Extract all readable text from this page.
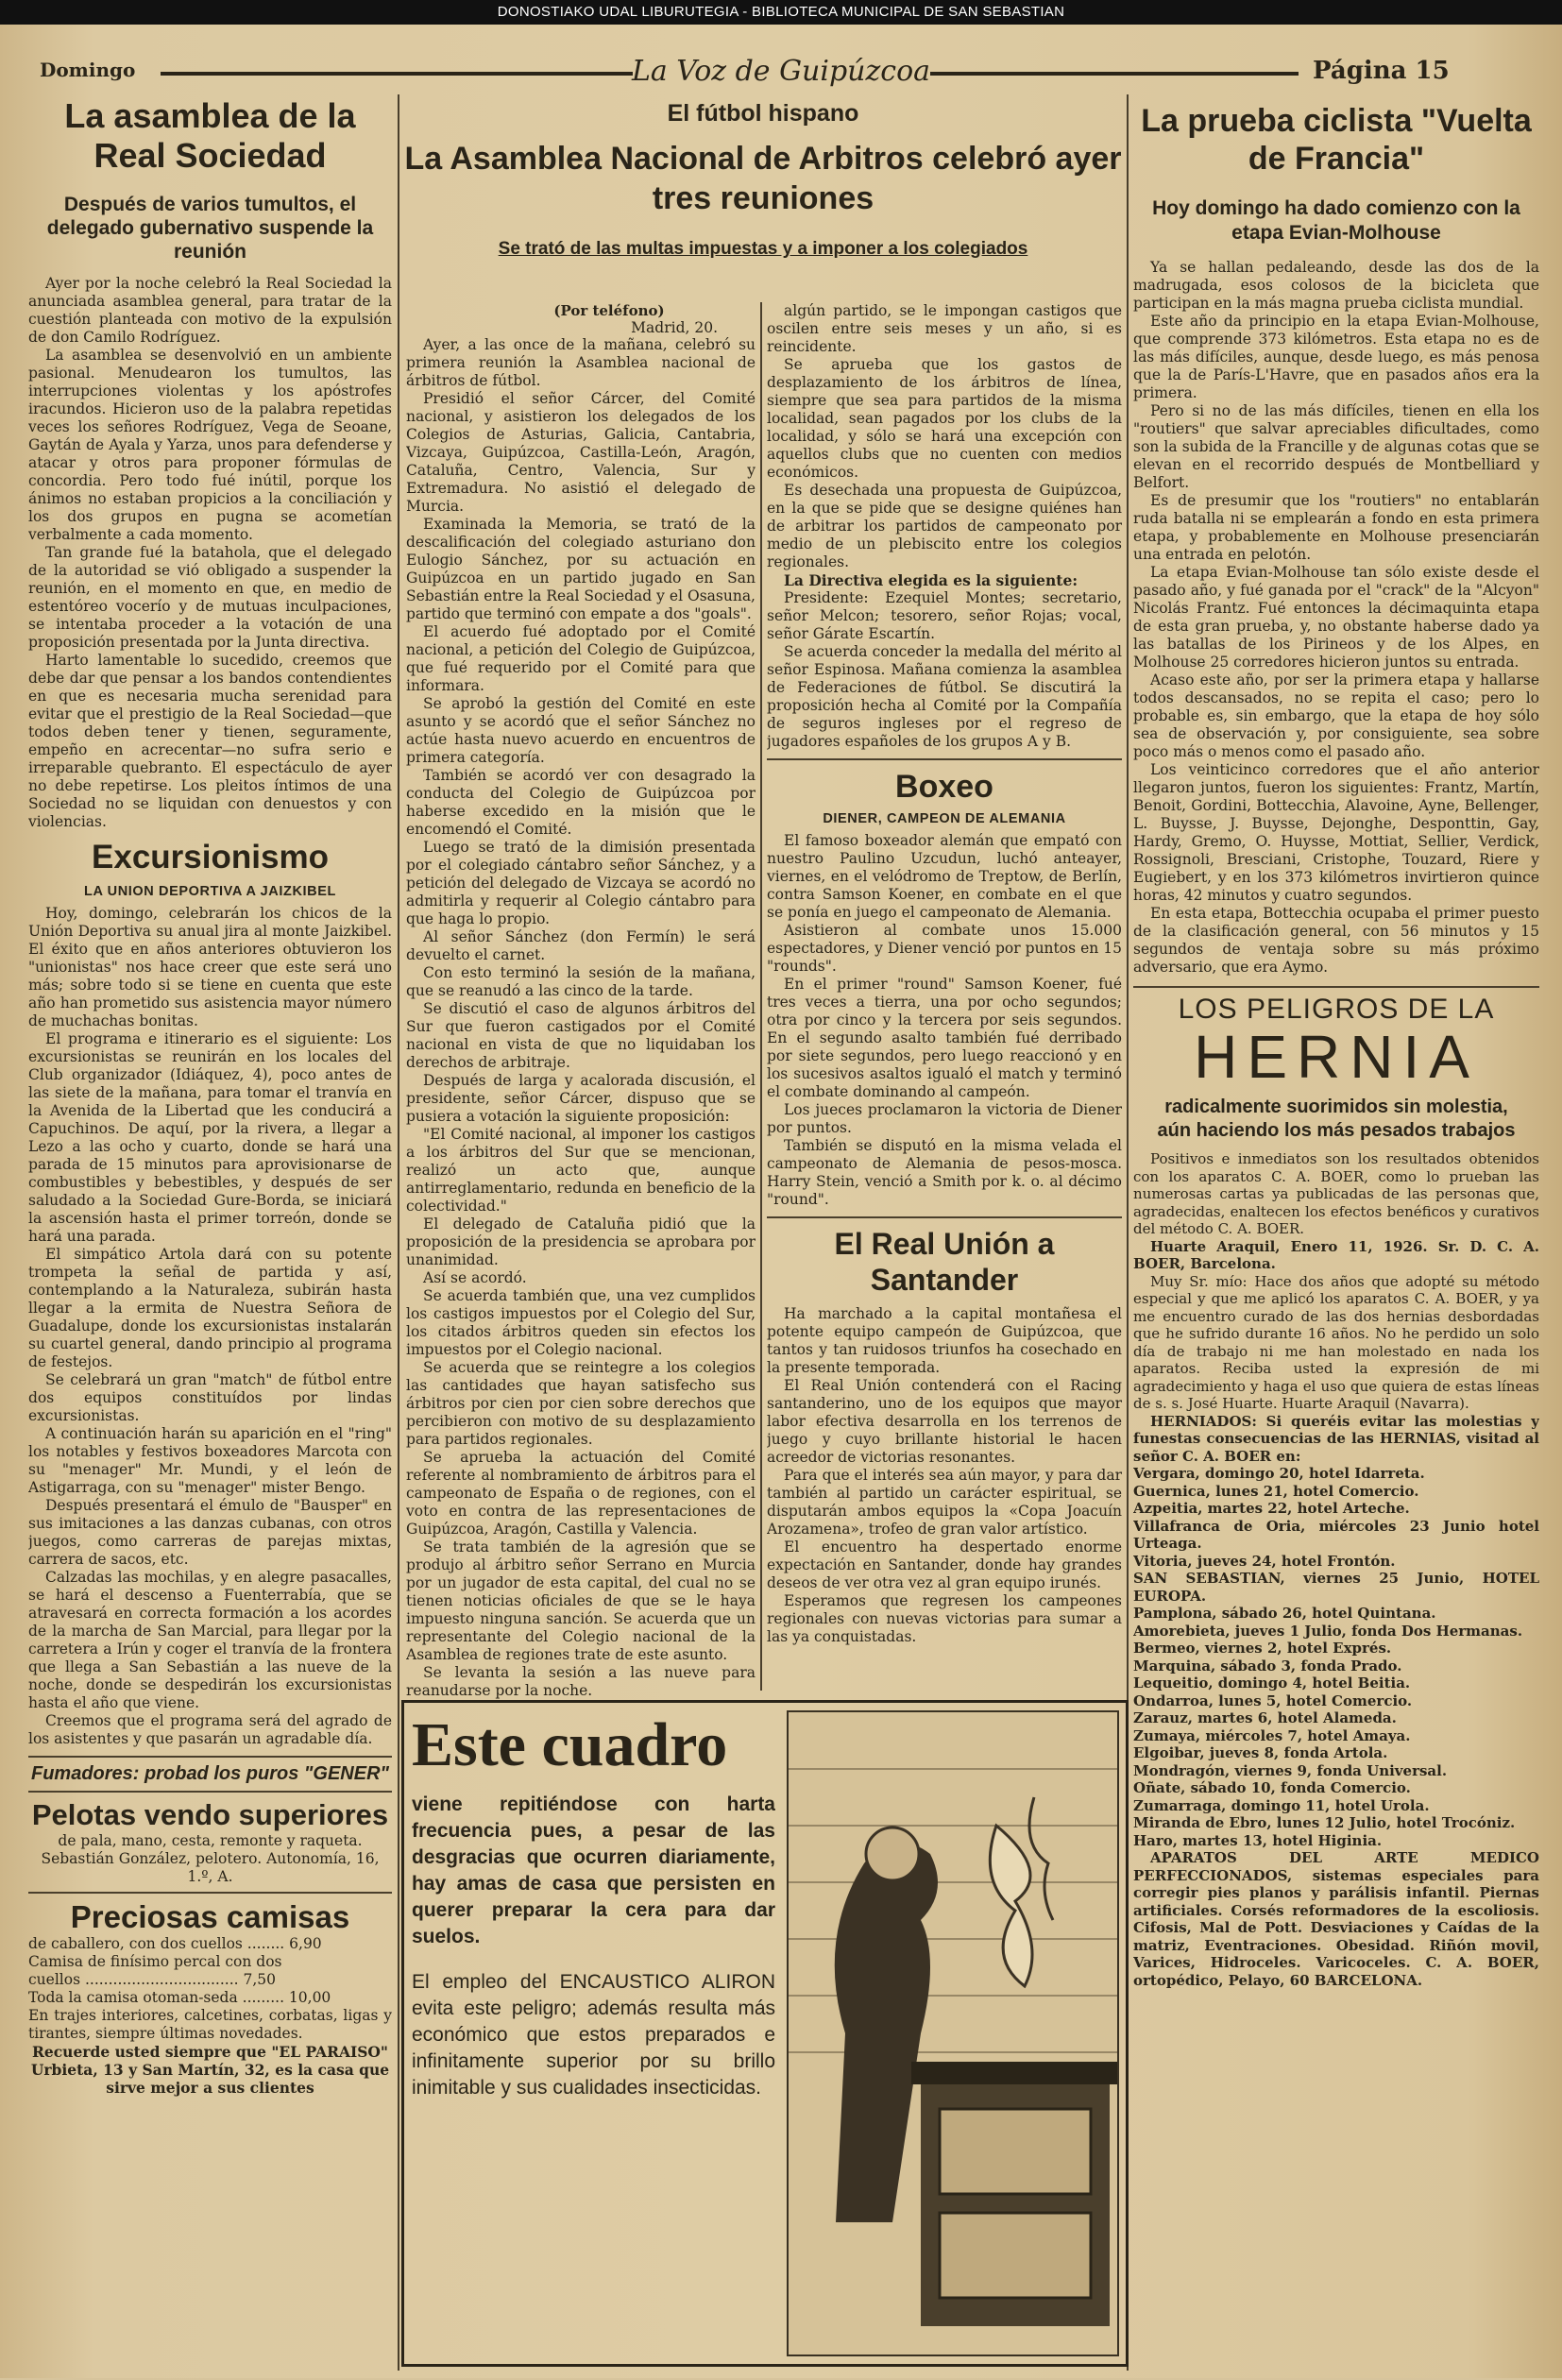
DONOSTIAKO UDAL LIBURUTEGIA - BIBLIOTECA MUNICIPAL DE SAN SEBASTIAN
Domingo	La Voz de Guipúzcoa	Página 15
La asamblea de la Real Sociedad
Después de varios tumultos, el delegado gubernativo suspende la reunión

Ayer por la noche celebró la Real Sociedad la anunciada asamblea general, para tratar de la cuestión planteada con motivo de la expulsión de don Camilo Rodríguez.

La asamblea se desenvolvió en un ambiente pasional. Menudearon los tumultos, las interrupciones violentas y los apóstrofes iracundos. Hicieron uso de la palabra repetidas veces los señores Rodríguez, Vega de Seoane, Gaytán de Ayala y Yarza, unos para defenderse y atacar y otros para proponer fórmulas de concordia. Pero todo fué inútil, porque los ánimos no estaban propicios a la conciliación y los dos grupos en pugna se acometían verbalmente a cada momento.

Tan grande fué la batahola, que el delegado de la autoridad se vió obligado a suspender la reunión, en el momento en que, en medio de estentóreo vocerío y de mutuas inculpaciones, se intentaba proceder a la votación de una proposición presentada por la Junta directiva.

Harto lamentable lo sucedido, creemos que debe dar que pensar a los bandos contendientes en que es necesaria mucha serenidad para evitar que el prestigio de la Real Sociedad—que todos deben tener y tienen, seguramente, empeño en acrecentar—no sufra serio e irreparable quebranto. El espectáculo de ayer no debe repetirse. Los pleitos íntimos de una Sociedad no se liquidan con denuestos y con violencias.

Excursionismo
LA UNION DEPORTIVA A JAIZKIBEL

Hoy, domingo, celebrarán los chicos de la Unión Deportiva su anual jira al monte Jaizkibel. El éxito que en años anteriores obtuvieron los "unionistas" nos hace creer que este será uno más; sobre todo si se tiene en cuenta que este año han prometido sus asistencia mayor número de muchachas bonitas.

El programa e itinerario es el siguiente: Los excursionistas se reunirán en los locales del Club organizador (Idiáquez, 4), poco antes de las siete de la mañana, para tomar el tranvía en la Avenida de la Libertad que les conducirá a Capuchinos. De aquí, por la rivera, a llegar a Lezo a las ocho y cuarto, donde se hará una parada de 15 minutos para aprovisionarse de combustibles y bebestibles, y después de ser saludado a la Sociedad Gure-Borda, se iniciará la ascensión hasta el primer torreón, donde se hará una parada.

El simpático Artola dará con su potente trompeta la señal de partida y así, contemplando a la Naturaleza, subirán hasta llegar a la ermita de Nuestra Señora de Guadalupe, donde los excursionistas instalarán su cuartel general, dando principio al programa de festejos.

Se celebrará un gran "match" de fútbol entre dos equipos constituídos por lindas excursionistas.

A continuación harán su aparición en el "ring" los notables y festivos boxeadores Marcota con su "menager" Mr. Mundi, y el león de Astigarraga, con su "menager" mister Bengo.

Después presentará el émulo de "Bausper" en sus imitaciones a las danzas cubanas, con otros juegos, como carreras de parejas mixtas, carrera de sacos, etc.

Calzadas las mochilas, y en alegre pasacalles, se hará el descenso a Fuenterrabía, que se atravesará en correcta formación a los acordes de la marcha de San Marcial, para llegar por la carretera a Irún y coger el tranvía de la frontera que llega a San Sebastián a las nueve de la noche, donde se despedirán los excursionistas hasta el año que viene.

Creemos que el programa será del agrado de los asistentes y que pasarán un agradable día.

Fumadores: probad los puros "GENER"
Pelotas vendo superiores
de pala, mano, cesta, remonte y raqueta. Sebastián González, pelotero. Autonomía, 16, 1.º, A.
Preciosas camisas
de caballero, con dos cuellos ........ 6,90
Camisa de finísimo percal con dos
cuellos ................................. 7,50
Toda la camisa otoman-seda ......... 10,00
En trajes interiores, calcetines, corbatas, ligas y tirantes, siempre últimas novedades.
Recuerde usted siempre que "EL PARAISO" Urbieta, 13 y San Martín, 32, es la casa que sirve mejor a sus clientes
El fútbol hispano
La Asamblea Nacional de Arbitros celebró ayer tres reuniones
Se trató de las multas impuestas y a imponer a los colegiados
(Por teléfono)
Madrid, 20.

Ayer, a las once de la mañana, celebró su primera reunión la Asamblea nacional de árbitros de fútbol.

Presidió el señor Cárcer, del Comité nacional, y asistieron los delegados de los Colegios de Asturias, Galicia, Cantabria, Vizcaya, Guipúzcoa, Castilla-León, Aragón, Cataluña, Centro, Valencia, Sur y Extremadura. No asistió el delegado de Murcia.

Examinada la Memoria, se trató de la descalificación del colegiado asturiano don Eulogio Sánchez, por su actuación en Guipúzcoa en un partido jugado en San Sebastián entre la Real Sociedad y el Osasuna, partido que terminó con empate a dos "goals".

El acuerdo fué adoptado por el Comité nacional, a petición del Colegio de Guipúzcoa, que fué requerido por el Comité para que informara.

Se aprobó la gestión del Comité en este asunto y se acordó que el señor Sánchez no actúe hasta nuevo acuerdo en encuentros de primera categoría.

También se acordó ver con desagrado la conducta del Colegio de Guipúzcoa por haberse excedido en la misión que le encomendó el Comité.

Luego se trató de la dimisión presentada por el colegiado cántabro señor Sánchez, y a petición del delegado de Vizcaya se acordó no admitirla y requerir al Colegio cántabro para que haga lo propio.

Al señor Sánchez (don Fermín) le será devuelto el carnet.

Con esto terminó la sesión de la mañana, que se reanudó a las cinco de la tarde.

Se discutió el caso de algunos árbitros del Sur que fueron castigados por el Comité nacional en vista de que no liquidaban los derechos de arbitraje.

Después de larga y acalorada discusión, el presidente, señor Cárcer, dispuso que se pusiera a votación la siguiente proposición:

"El Comité nacional, al imponer los castigos a los árbitros del Sur que se mencionan, realizó un acto que, aunque antirreglamentario, redunda en beneficio de la colectividad."

El delegado de Cataluña pidió que la proposición de la presidencia se aprobara por unanimidad.

Así se acordó.

Se acuerda también que, una vez cumplidos los castigos impuestos por el Colegio del Sur, los citados árbitros queden sin efectos los impuestos por el Colegio nacional.

Se acuerda que se reintegre a los colegios las cantidades que hayan satisfecho sus árbitros por cien por cien sobre derechos que percibieron con motivo de su desplazamiento para partidos regionales.

Se aprueba la actuación del Comité referente al nombramiento de árbitros para el campeonato de España o de regiones, con el voto en contra de las representaciones de Guipúzcoa, Aragón, Castilla y Valencia.

Se trata también de la agresión que se produjo al árbitro señor Serrano en Murcia por un jugador de esta capital, del cual no se tienen noticias oficiales de que se le haya impuesto ninguna sanción. Se acuerda que un representante del Colegio nacional de la Asamblea de regiones trate de este asunto.

Se levanta la sesión a las nueve para reanudarse por la noche.

algún partido, se le impongan castigos que oscilen entre seis meses y un año, si es reincidente.

Se aprueba que los gastos de desplazamiento de los árbitros de línea, siempre que sea para partidos de la misma localidad, sean pagados por los clubs de la localidad, y sólo se hará una excepción con aquellos clubs que no cuenten con medios económicos.

Es desechada una propuesta de Guipúzcoa, en la que se pide que se designe quiénes han de arbitrar los partidos de campeonato por medio de un plebiscito entre los colegios regionales.

La Directiva elegida es la siguiente:

Presidente: Ezequiel Montes; secretario, señor Melcon; tesorero, señor Rojas; vocal, señor Gárate Escartín.

Se acuerda conceder la medalla del mérito al señor Espinosa. Mañana comienza la asamblea de Federaciones de fútbol. Se discutirá la proposición hecha al Comité por la Compañía de seguros ingleses por el regreso de jugadores españoles de los grupos A y B.

Boxeo
DIENER, CAMPEON DE ALEMANIA

El famoso boxeador alemán que empató con nuestro Paulino Uzcudun, luchó anteayer, viernes, en el velódromo de Treptow, de Berlín, contra Samson Koener, en combate en el que se ponía en juego el campeonato de Alemania.

Asistieron al combate unos 15.000 espectadores, y Diener venció por puntos en 15 "rounds".

En el primer "round" Samson Koener, fué tres veces a tierra, una por ocho segundos; otra por cinco y la tercera por seis segundos. En el segundo asalto también fué derribado por siete segundos, pero luego reaccionó y en los sucesivos asaltos igualó el match y terminó el combate dominando al campeón.

Los jueces proclamaron la victoria de Diener por puntos.

También se disputó en la misma velada el campeonato de Alemania de pesos-mosca. Harry Stein, venció a Smith por k. o. al décimo "round".

El Real Unión a Santander

Ha marchado a la capital montañesa el potente equipo campeón de Guipúzcoa, que tantos y tan ruidosos triunfos ha cosechado en la presente temporada.

El Real Unión contenderá con el Racing santanderino, uno de los equipos que mayor labor efectiva desarrolla en los terrenos de juego y cuyo brillante historial le hacen acreedor de victorias resonantes.

Para que el interés sea aún mayor, y para dar también al partido un carácter espiritual, se disputarán ambos equipos la «Copa Joacuín Arozamena», trofeo de gran valor artístico.

El encuentro ha despertado enorme expectación en Santander, donde hay grandes deseos de ver otra vez al gran equipo irunés.

Esperamos que regresen los campeones regionales con nuevas victorias para sumar a las ya conquistadas.

Este cuadro
viene repitiéndose con harta frecuencia pues, a pesar de las desgracias que ocurren diariamente, hay amas de casa que persisten en querer preparar la cera para dar suelos.
El empleo del ENCAUSTICO ALIRON evita este peligro; además resulta más económico que estos preparados e infinitamente superior por su brillo inimitable y sus cualidades insecticidas.
La prueba ciclista "Vuelta de Francia"
Hoy domingo ha dado comienzo con la etapa Evian-Molhouse

Ya se hallan pedaleando, desde las dos de la madrugada, esos colosos de la bicicleta que participan en la más magna prueba ciclista mundial.

Este año da principio en la etapa Evian-Molhouse, que comprende 373 kilómetros. Esta etapa no es de las más difíciles, aunque, desde luego, es más penosa que la de París-L'Havre, que en pasados años era la primera.

Pero si no de las más difíciles, tienen en ella los "routiers" que salvar apreciables dificultades, como son la subida de la Francille y de algunas cotas que se elevan en el recorrido después de Montbelliard y Belfort.

Es de presumir que los "routiers" no entablarán ruda batalla ni se emplearán a fondo en esta primera etapa, y probablemente en Molhouse presenciarán una entrada en pelotón.

La etapa Evian-Molhouse tan sólo existe desde el pasado año, y fué ganada por el "crack" de la "Alcyon" Nicolás Frantz. Fué entonces la décimaquinta etapa de esta gran prueba, y, no obstante haberse dado ya las batallas de los Pirineos y de los Alpes, en Molhouse 25 corredores hicieron juntos su entrada.

Acaso este año, por ser la primera etapa y hallarse todos descansados, no se repita el caso; pero lo probable es, sin embargo, que la etapa de hoy sólo sea de observación y, por consiguiente, sea sobre poco más o menos como el pasado año.

Los veinticinco corredores que el año anterior llegaron juntos, fueron los siguientes: Frantz, Martín, Benoit, Gordini, Bottecchia, Alavoine, Ayne, Bellenger, L. Buysse, J. Buysse, Dejonghe, Desponttin, Gay, Hardy, Gremo, O. Huysse, Mottiat, Sellier, Verdick, Rossignoli, Bresciani, Cristophe, Touzard, Riere y Eugiebert, y en los 373 kilómetros invirtieron quince horas, 42 minutos y cuatro segundos.

En esta etapa, Bottecchia ocupaba el primer puesto de la clasificación general, con 56 minutos y 15 segundos de ventaja sobre su más próximo adversario, que era Aymo.

LOS PELIGROS DE LA
HERNIA
radicalmente suorimidos sin molestia, aún haciendo los más pesados trabajos

Positivos e inmediatos son los resultados obtenidos con los aparatos C. A. BOER, como lo prueban las numerosas cartas ya publicadas de las personas que, agradecidas, enaltecen los efectos benéficos y curativos del método C. A. BOER.

Huarte Araquil, Enero 11, 1926. Sr. D. C. A. BOER, Barcelona.

Muy Sr. mío: Hace dos años que adopté su método especial y que me aplicó los aparatos C. A. BOER, y ya me encuentro curado de las dos hernias desbordadas que he sufrido durante 16 años. No he perdido un solo día de trabajo ni me han molestado en nada los aparatos. Reciba usted la expresión de mi agradecimiento y haga el uso que quiera de estas líneas de s. s. José Huarte. Huarte Araquil (Navarra).

HERNIADOS: Si queréis evitar las molestias y funestas consecuencias de las HERNIAS, visitad al señor C. A. BOER en:

Vergara, domingo 20, hotel Idarreta.
Guernica, lunes 21, hotel Comercio.
Azpeitia, martes 22, hotel Arteche.
Villafranca de Oria, miércoles 23 Junio hotel Urteaga.
Vitoria, jueves 24, hotel Frontón.
SAN SEBASTIAN, viernes 25 Junio, HOTEL EUROPA.
Pamplona, sábado 26, hotel Quintana.
Amorebieta, jueves 1 Julio, fonda Dos Hermanas.
Bermeo, viernes 2, hotel Exprés.
Marquina, sábado 3, fonda Prado.
Lequeitio, domingo 4, hotel Beitia.
Ondarroa, lunes 5, hotel Comercio.
Zarauz, martes 6, hotel Alameda.
Zumaya, miércoles 7, hotel Amaya.
Elgoibar, jueves 8, fonda Artola.
Mondragón, viernes 9, fonda Universal.
Oñate, sábado 10, fonda Comercio.
Zumarraga, domingo 11, hotel Urola.
Miranda de Ebro, lunes 12 Julio, hotel Trocóniz.
Haro, martes 13, hotel Higinia.

APARATOS DEL ARTE MEDICO PERFECCIONADOS, sistemas especiales para corregir pies planos y parálisis infantil. Piernas artificiales. Corsés reformadores de la escoliosis. Cifosis, Mal de Pott. Desviaciones y Caídas de la matriz, Eventraciones. Obesidad. Riñón movil, Varices, Hidroceles. Varicoceles. C. A. BOER, ortopédico, Pelayo, 60 BARCELONA.
